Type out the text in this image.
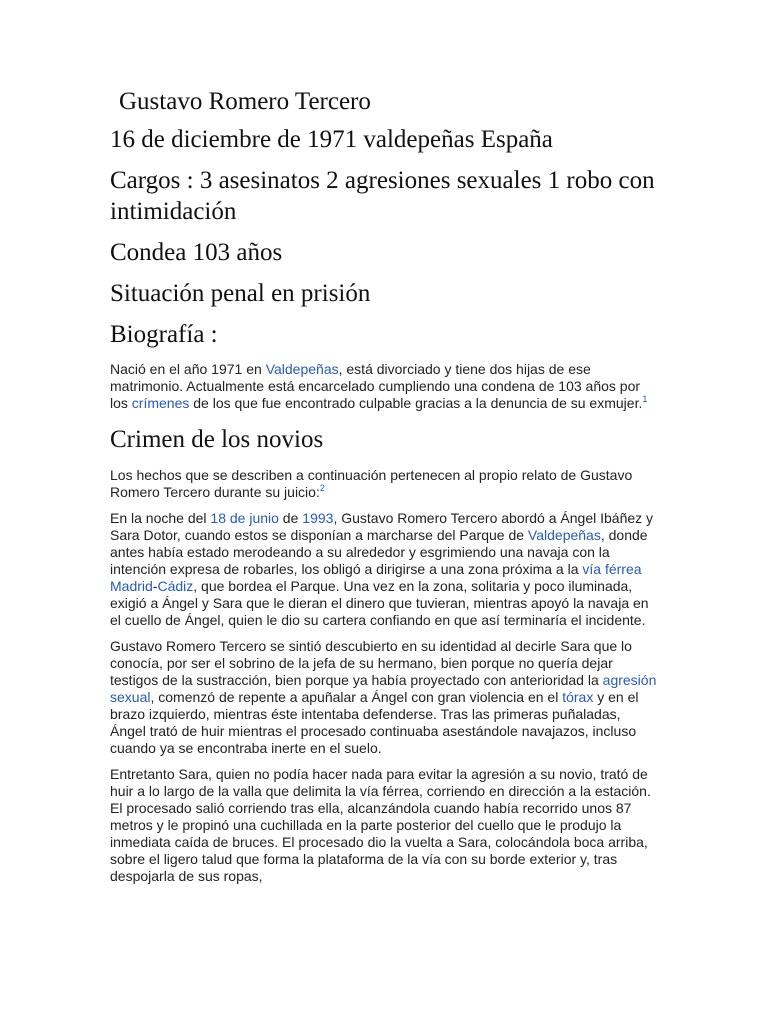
Gustavo Romero Tercero
16 de diciembre de 1971 valdepeñas España
Cargos : 3 asesinatos 2 agresiones sexuales 1 robo con intimidación
Condea 103 años
Situación penal en prisión
Biografía :

Nació en el año 1971 en Valdepeñas, está divorciado y tiene dos hijas de ese matrimonio. Actualmente está encarcelado cumpliendo una condena de 103 años por los crímenes de los que fue encontrado culpable gracias a la denuncia de su exmujer.$^1$

Crimen de los novios

Los hechos que se describen a continuación pertenecen al propio relato de Gustavo Romero Tercero durante su juicio:$^2$

En la noche del 18 de junio de 1993, Gustavo Romero Tercero abordó a Ángel Ibáñez y Sara Dotor, cuando estos se disponían a marcharse del Parque de Valdepeñas, donde antes había estado merodeando a su alrededor y esgrimiendo una navaja con la intención expresa de robarles, los obligó a dirigirse a una zona próxima a la vía férrea Madrid-Cádiz, que bordea el Parque. Una vez en la zona, solitaria y poco iluminada, exigió a Ángel y Sara que le dieran el dinero que tuvieran, mientras apoyó la navaja en el cuello de Ángel, quien le dio su cartera confiando en que así terminaría el incidente.

Gustavo Romero Tercero se sintió descubierto en su identidad al decirle Sara que lo conocía, por ser el sobrino de la jefa de su hermano, bien porque no quería dejar testigos de la sustracción, bien porque ya había proyectado con anterioridad la agresión sexual, comenzó de repente a apuñalar a Ángel con gran violencia en el tórax y en el brazo izquierdo, mientras éste intentaba defenderse. Tras las primeras puñaladas, Ángel trató de huir mientras el procesado continuaba asestándole navajazos, incluso cuando ya se encontraba inerte en el suelo.

Entretanto Sara, quien no podía hacer nada para evitar la agresión a su novio, trató de huir a lo largo de la valla que delimita la vía férrea, corriendo en dirección a la estación. El procesado salió corriendo tras ella, alcanzándola cuando había recorrido unos 87 metros y le propinó una cuchillada en la parte posterior del cuello que le produjo la inmediata caída de bruces. El procesado dio la vuelta a Sara, colocándola boca arriba, sobre el ligero talud que forma la plataforma de la vía con su borde exterior y, tras despojarla de sus ropas,
